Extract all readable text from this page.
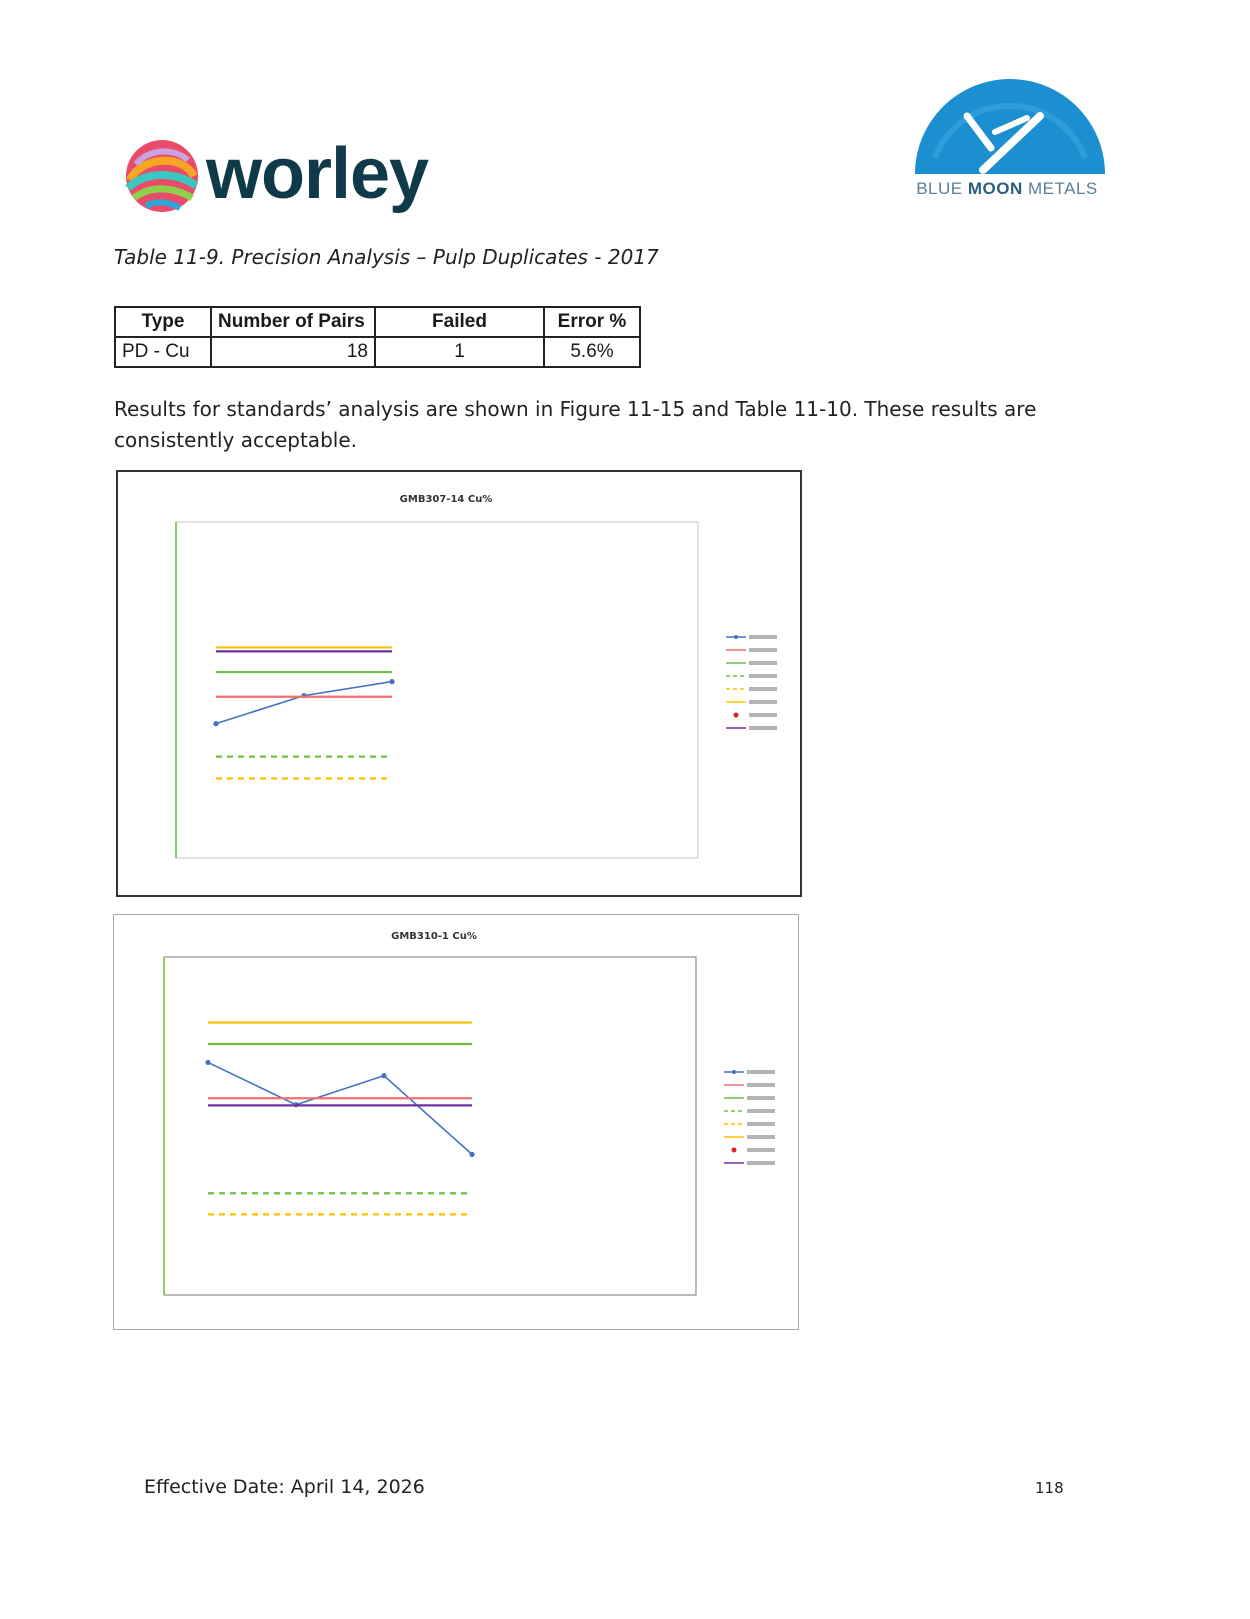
worley	BLUE MOON METALS
Table 11-9. Precision Analysis – Pulp Duplicates - 2017
Type	Number of Pairs	Failed	Error %
PD - Cu	18	1	5.6%
Results for standards’ analysis are shown in Figure 11-15 and Table 11-10. These results are consistently acceptable.
GMB307-14 Cu%
GMB310-1 Cu%
Effective Date: April 14, 2026	118
